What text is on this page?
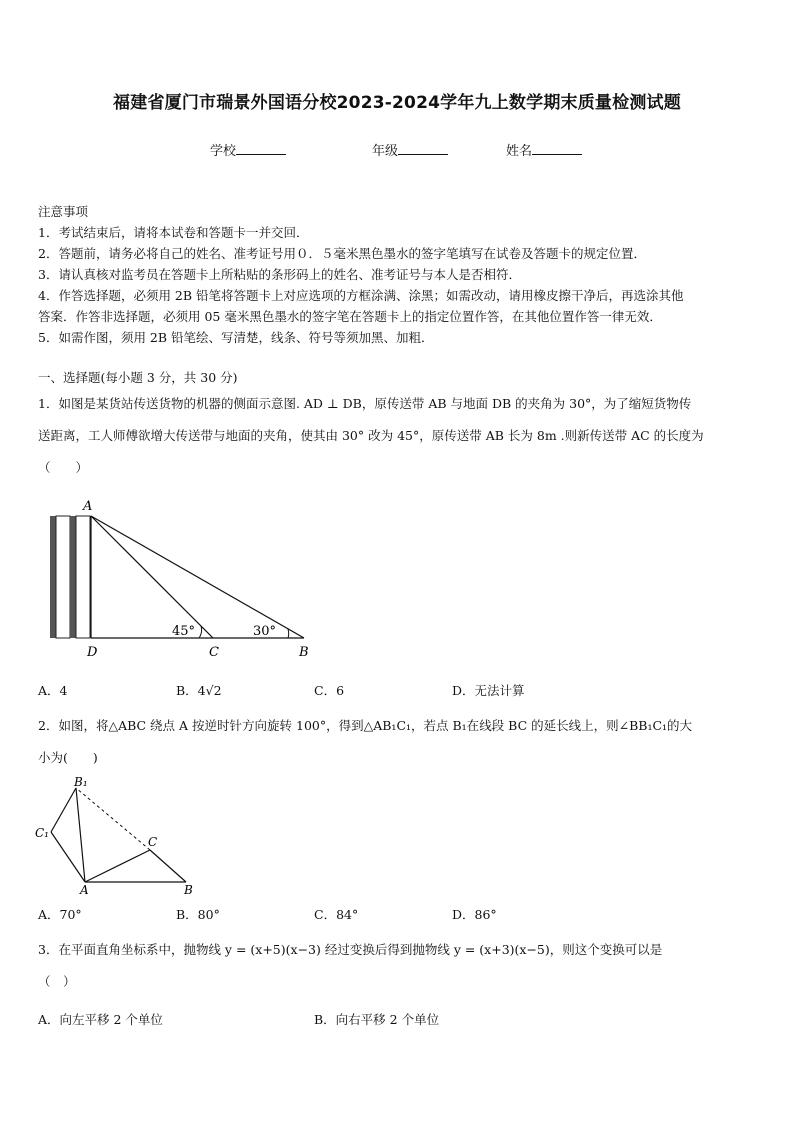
福建省厦门市瑞景外国语分校2023-2024学年九上数学期末质量检测试题
学校	年级	姓名
注意事项
1．考试结束后，请将本试卷和答题卡一并交回．
2．答题前，请务必将自己的姓名、准考证号用０．５毫米黑色墨水的签字笔填写在试卷及答题卡的规定位置．
3．请认真核对监考员在答题卡上所粘贴的条形码上的姓名、准考证号与本人是否相符．
4．作答选择题，必须用 2B 铅笔将答题卡上对应选项的方框涂满、涂黑；如需改动，请用橡皮擦干净后，再选涂其他
答案．作答非选择题，必须用 05 毫米黑色墨水的签字笔在答题卡上的指定位置作答，在其他位置作答一律无效．
5．如需作图，须用 2B 铅笔绘、写清楚，线条、符号等须加黑、加粗．
一、选择题(每小题 3 分，共 30 分)
1．如图是某货站传送货物的机器的侧面示意图. AD ⊥ DB，原传送带 AB 与地面 DB 的夹角为 30°，为了缩短货物传
送距离，工人师傅欲增大传送带与地面的夹角，使其由 30° 改为 45°，原传送带 AB 长为 8m .则新传送带 AC 的长度为
（　　）
A
D	C	B
45°	30°
A．4	B．4√2	C．6	D．无法计算
2．如图，将△ABC 绕点 A 按逆时针方向旋转 100°，得到△AB₁C₁，若点 B₁在线段 BC 的延长线上，则∠BB₁C₁的大
小为(　　)
B₁
C₁
C
A	B
A．70°	B．80°	C．84°	D．86°
3．在平面直角坐标系中，抛物线 y = (x+5)(x−3) 经过变换后得到抛物线 y = (x+3)(x−5)，则这个变换可以是
（　）
A．向左平移 2 个单位	B．向右平移 2 个单位
